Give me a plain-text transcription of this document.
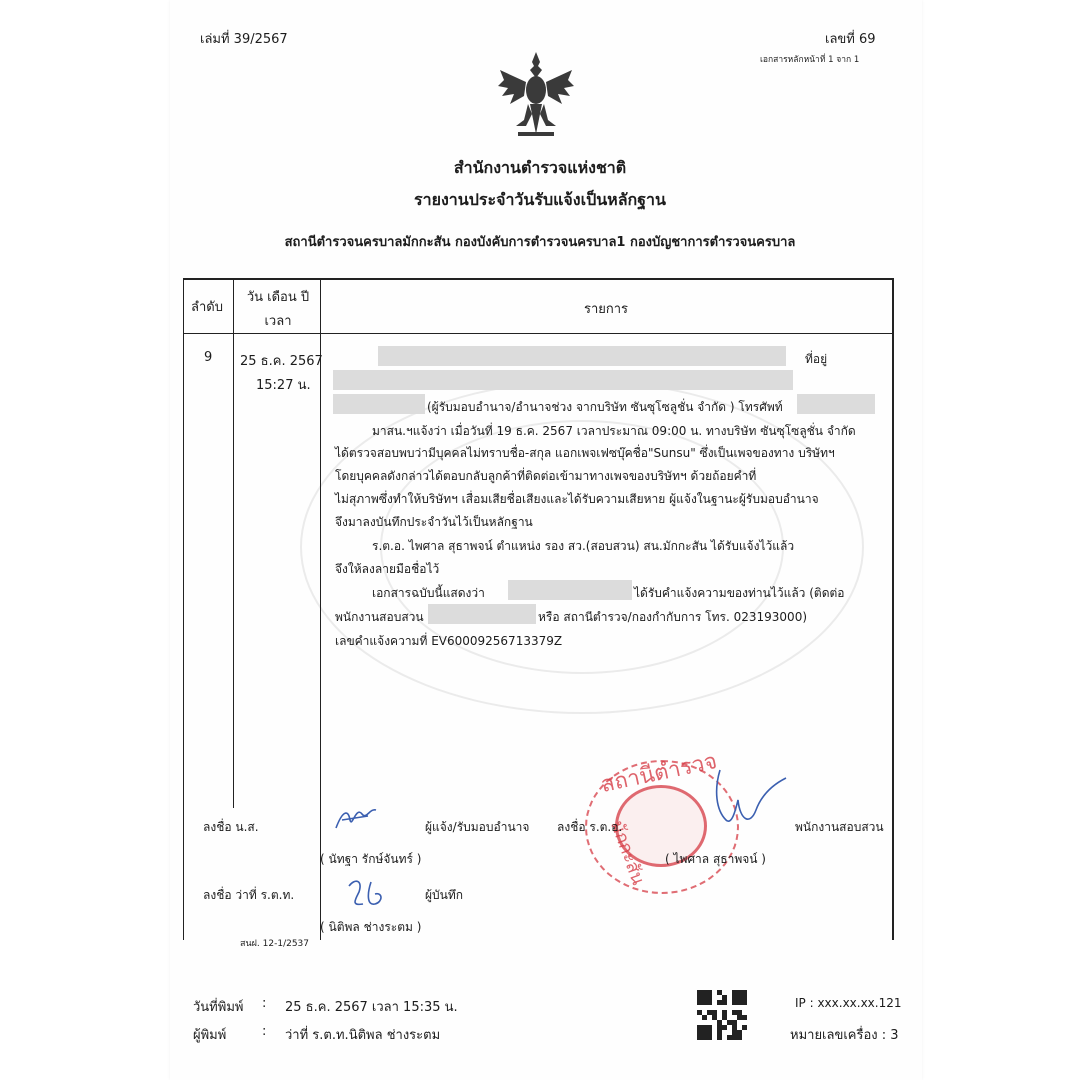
เล่มที่ 39/2567	เลขที่ 69
เอกสารหลักหน้าที่ 1 จาก 1
สำนักงานตำรวจแห่งชาติ
รายงานประจำวันรับแจ้งเป็นหลักฐาน
สถานีตำรวจนครบาลมักกะสัน กองบังคับการตำรวจนครบาล1 กองบัญชาการตำรวจนครบาล
ลำดับ
วัน เดือน ปี
เวลา
รายการ
9 25 ธ.ค. 2567
15:27 น.
ที่อยู่
(ผู้รับมอบอำนาจ/อำนาจช่วง จากบริษัท ซันซุโซลูชั่น จำกัด ) โทรศัพท์
มาสน.ฯแจ้งว่า เมื่อวันที่ 19 ธ.ค. 2567 เวลาประมาณ 09:00 น. ทางบริษัท ซันซุโซลูชั่น จำกัด
ได้ตรวจสอบพบว่ามีบุคคลไม่ทราบชื่อ-สกุล แอกเพจเฟซบุ๊คชื่อ"Sunsu" ซึ่งเป็นเพจของทาง บริษัทฯ
โดยบุคคลดังกล่าวได้ตอบกลับลูกค้าที่ติดต่อเข้ามาทางเพจของบริษัทฯ ด้วยถ้อยคำที่
ไม่สุภาพซึ่งทำให้บริษัทฯ เสื่อมเสียชื่อเสียงและได้รับความเสียหาย ผู้แจ้งในฐานะผู้รับมอบอำนาจ
จึงมาลงบันทึกประจำวันไว้เป็นหลักฐาน
ร.ต.อ. ไพศาล สุธาพจน์ ตำแหน่ง รอง สว.(สอบสวน) สน.มักกะสัน ได้รับแจ้งไว้แล้ว
จึงให้ลงลายมือชื่อไว้
เอกสารฉบับนี้แสดงว่า	ได้รับคำแจ้งความของท่านไว้แล้ว (ติดต่อ
พนักงานสอบสวน	หรือ สถานีตำรวจ/กองกำกับการ โทร. 023193000)
เลขคำแจ้งความที่ EV60009256713379Z
สถานีตำรวจ
มักกะสัน
ลงชื่อ น.ส.	ผู้แจ้ง/รับมอบอำนาจ
( นัทฐา รักษ์จันทร์ )
ลงชื่อ ร.ต.อ.	พนักงานสอบสวน
( ไพศาล สุธาพจน์ )
ลงชื่อ ว่าที่ ร.ต.ท.	ผู้บันทึก
( นิติพล ช่างระตม )
สนฝ. 12-1/2537
วันที่พิมพ์ : 25 ธ.ค. 2567 เวลา 15:35 น.
ผู้พิมพ์	: ว่าที่ ร.ต.ท.นิติพล ช่างระตม
IP : xxx.xx.xx.121
หมายเลขเครื่อง : 3
